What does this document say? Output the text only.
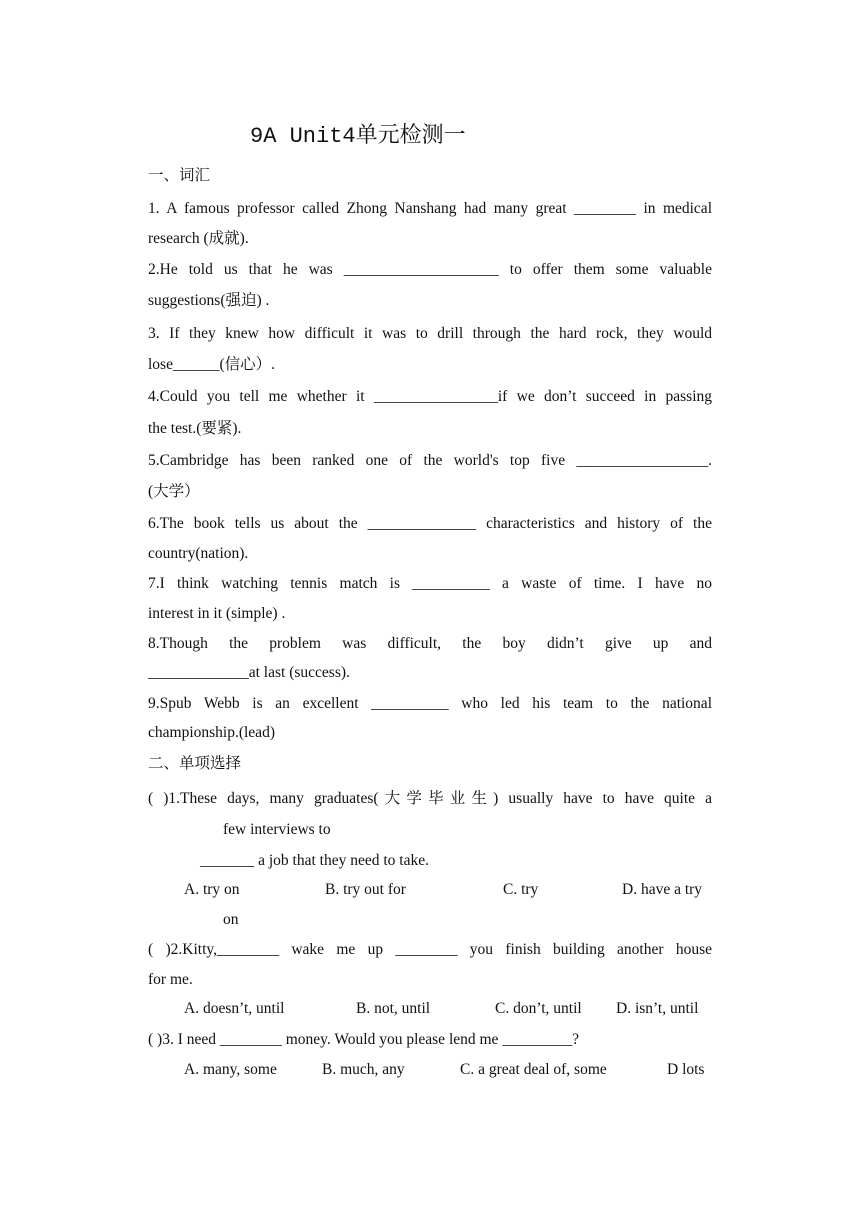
9A Unit4单元检测一
一、词汇
1. A famous professor called Zhong Nanshang had many great ________ in medical
research (成就).
2.He told us that he was ____________________ to offer them some valuable
suggestions(强迫) .
3. If they knew how difficult it was to drill through the hard rock, they would
lose______(信心）.
4.Could you tell me whether it ________________if we don’t succeed in passing
the test.(要紧).
5.Cambridge has been ranked one of the world's top five _________________.
(大学）
6.The book tells us about the ______________ characteristics and history of the
country(nation).
7.I think watching tennis match is __________ a waste of time. I have no
interest in it (simple) .
8.Though the problem was difficult, the boy didn’t give up and
_____________at last (success).
9.Spub Webb is an excellent __________ who led his team to the national
championship.(lead)
二、单项选择
( )1.These days, many graduates(大学毕业生) usually have to have quite a
few interviews to
_______ a job that they need to take.
A. try on	B. try out for	C. try	D. have a try
on
( )2.Kitty,________ wake me up ________ you finish building another house
for me.
A. doesn’t, until	B. not, until	C. don’t, until D. isn’t, until
( )3. I need ________ money. Would you please lend me _________?
A. many, some	B. much, any	C. a great deal of, some	D lots
